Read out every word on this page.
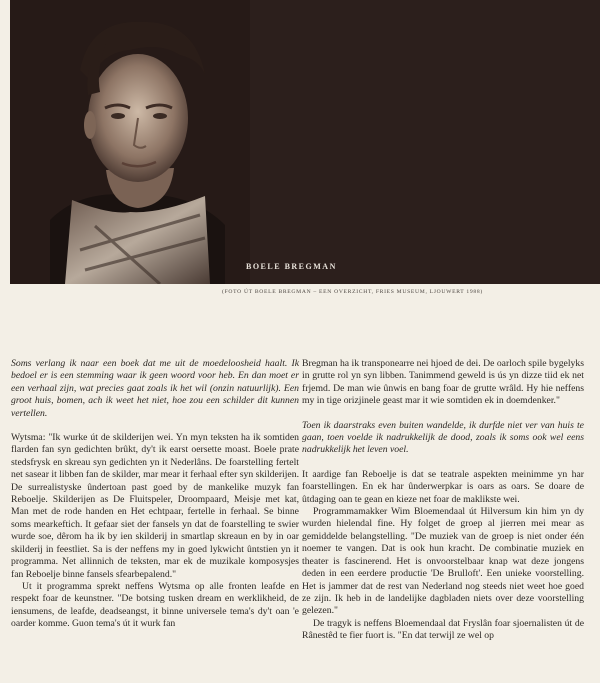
BOELE BREGMAN
(FOTO ÚT BOELE BREGMAN – EEN OVERZICHT, FRIES MUSEUM, LJOUWERT 1988)

Soms verlang ik naar een boek dat me uit de moedeloosheid haalt. Ik bedoel er is een stemming waar ik geen woord voor heb. En dan moet er een verhaal zijn, wat precies gaat zoals ik het wil (onzin natuurlijk). Een groot huis, bomen, ach ik weet het niet, hoe zou een schilder dit kunnen vertellen.

Wytsma: "Ik wurke út de skilderijen wei. Yn myn teksten ha ik somtiden flarden fan syn gedichten brûkt, dy't ik earst oersette moast. Boele prate stedsfrysk en skreau syn gedichten yn it Nederlâns. De foarstelling fertelt net sasear it libben fan de skilder, mar mear it ferhaal efter syn skilderijen. De surrealistyske ûndertoan past goed by de mankelike muzyk fan Reboelje. Skilderijen as De Fluitspeler, Droompaard, Meisje met kat, Man met de rode handen en Het echtpaar, fertelle in ferhaal. Se binne soms mearkeftich. It gefaar siet der fansels yn dat de foarstelling te swier wurde soe, dêrom ha ik by ien skilderij in smartlap skreaun en by in oar skilderij in feestliet. Sa is der neffens my in goed lykwicht ûntstien yn it programma. Net allinnich de teksten, mar ek de muzikale komposysjes fan Reboelje binne fansels sfearbepalend."

Ut it programma sprekt neffens Wytsma op alle fronten leafde en respekt foar de keunstner. "De botsing tusken dream en werklikheid, de iensumens, de leafde, deadseangst, it binne universele tema's dy't oan 'e oarder komme. Guon tema's út it wurk fan

Bregman ha ik transponearre nei hjoed de dei. De oarloch spile bygelyks in grutte rol yn syn libben. Tanimmend geweld is ús yn dizze tiid ek net frjemd. De man wie ûnwis en bang foar de grutte wrâld. Hy hie neffens my in tige orizjinele geast mar it wie somtiden ek in doemdenker."

Toen ik daarstraks even buiten wandelde, ik durfde niet ver van huis te gaan, toen voelde ik nadrukkelijk de dood, zoals ik soms ook wel eens nadrukkelijk het leven voel.

It aardige fan Reboelje is dat se teatrale aspekten meinimme yn har foarstellingen. En ek har ûnderwerpkar is oars as oars. Se doare de ûtdaging oan te gean en kieze net foar de maklikste wei.

Programmamakker Wim Bloemendaal út Hilversum kin him yn dy wurden hielendal fine. Hy folget de groep al jierren mei mear as gemiddelde belangstelling. "De muziek van de groep is niet onder één noemer te vangen. Dat is ook hun kracht. De combinatie muziek en theater is fascinerend. Het is onvoorstelbaar knap wat deze jongens deden in een eerdere productie 'De Brulloft'. Een unieke voorstelling. Het is jammer dat de rest van Nederland nog steeds niet weet hoe goed ze zijn. Ik heb in de landelijke dagbladen niets over deze voorstelling gelezen."

De tragyk is neffens Bloemendaal dat Fryslân foar sjoernalisten út de Rânestêd te fier fuort is. "En dat terwijl ze wel op
